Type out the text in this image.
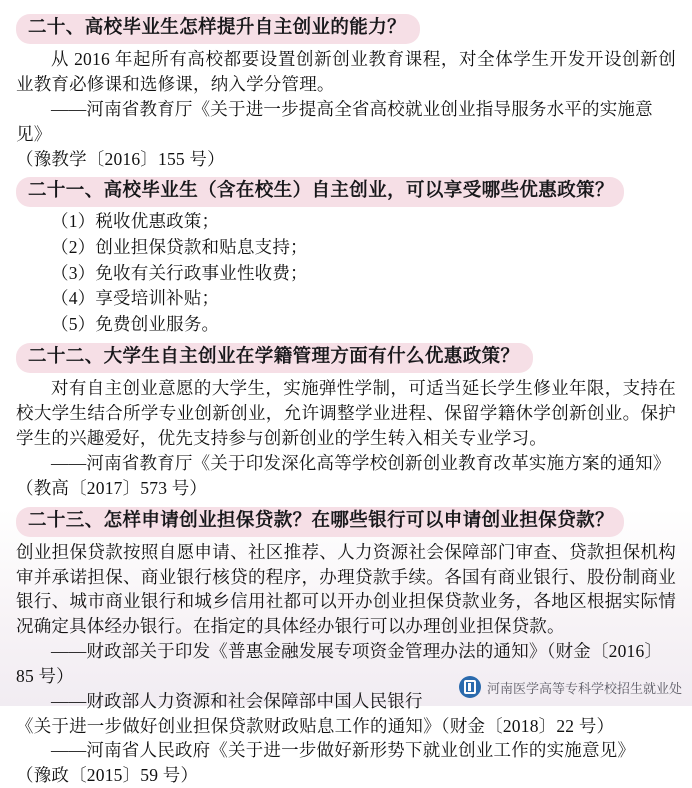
二十、高校毕业生怎样提升自主创业的能力？

从 2016 年起所有高校都要设置创新创业教育课程，对全体学生开发开设创新创业教育必修课和选修课，纳入学分管理。

——河南省教育厅《关于进一步提高全省高校就业创业指导服务水平的实施意见》

（豫教学〔2016〕155 号）

二十一、高校毕业生（含在校生）自主创业，可以享受哪些优惠政策？

（1）税收优惠政策；

（2）创业担保贷款和贴息支持；

（3）免收有关行政事业性收费；

（4）享受培训补贴；

（5）免费创业服务。

二十二、大学生自主创业在学籍管理方面有什么优惠政策？

对有自主创业意愿的大学生，实施弹性学制，可适当延长学生修业年限，支持在校大学生结合所学专业创新创业，允许调整学业进程、保留学籍休学创新创业。保护学生的兴趣爱好，优先支持参与创新创业的学生转入相关专业学习。

——河南省教育厅《关于印发深化高等学校创新创业教育改革实施方案的通知》

（教高〔2017〕573 号）

二十三、怎样申请创业担保贷款？在哪些银行可以申请创业担保贷款？

创业担保贷款按照自愿申请、社区推荐、人力资源社会保障部门审查、贷款担保机构审并承诺担保、商业银行核贷的程序，办理贷款手续。各国有商业银行、股份制商业银行、城市商业银行和城乡信用社都可以开办创业担保贷款业务，各地区根据实际情况确定具体经办银行。在指定的具体经办银行可以办理创业担保贷款。

——财政部关于印发《普惠金融发展专项资金管理办法的通知》（财金〔2016〕85 号）

——财政部人力资源和社会保障部中国人民银行

《关于进一步做好创业担保贷款财政贴息工作的通知》（财金〔2018〕22 号）

——河南省人民政府《关于进一步做好新形势下就业创业工作的实施意见》

（豫政〔2015〕59 号）

河南医学高等专科学校招生就业处
